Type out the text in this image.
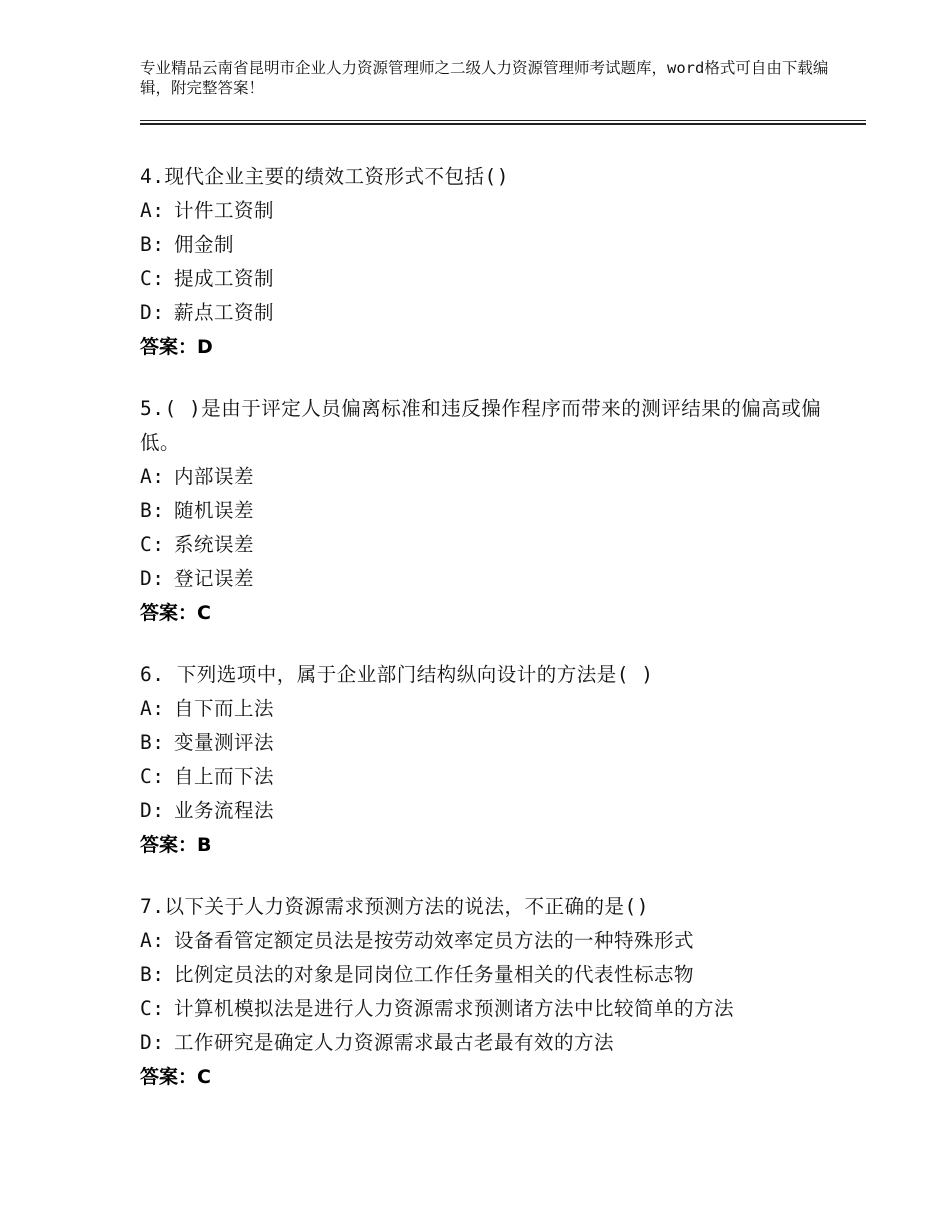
专业精品云南省昆明市企业人力资源管理师之二级人力资源管理师考试题库，word格式可自由下载编辑，附完整答案！
4.现代企业主要的绩效工资形式不包括()
A: 计件工资制
B: 佣金制
C: 提成工资制
D: 薪点工资制
答案：D
5.( )是由于评定人员偏离标准和违反操作程序而带来的测评结果的偏高或偏低。
A: 内部误差
B: 随机误差
C: 系统误差
D: 登记误差
答案：C
6. 下列选项中，属于企业部门结构纵向设计的方法是( )
A: 自下而上法
B: 变量测评法
C: 自上而下法
D: 业务流程法
答案：B
7.以下关于人力资源需求预测方法的说法，不正确的是()
A: 设备看管定额定员法是按劳动效率定员方法的一种特殊形式
B: 比例定员法的对象是同岗位工作任务量相关的代表性标志物
C: 计算机模拟法是进行人力资源需求预测诸方法中比较简单的方法
D: 工作研究是确定人力资源需求最古老最有效的方法
答案：C
